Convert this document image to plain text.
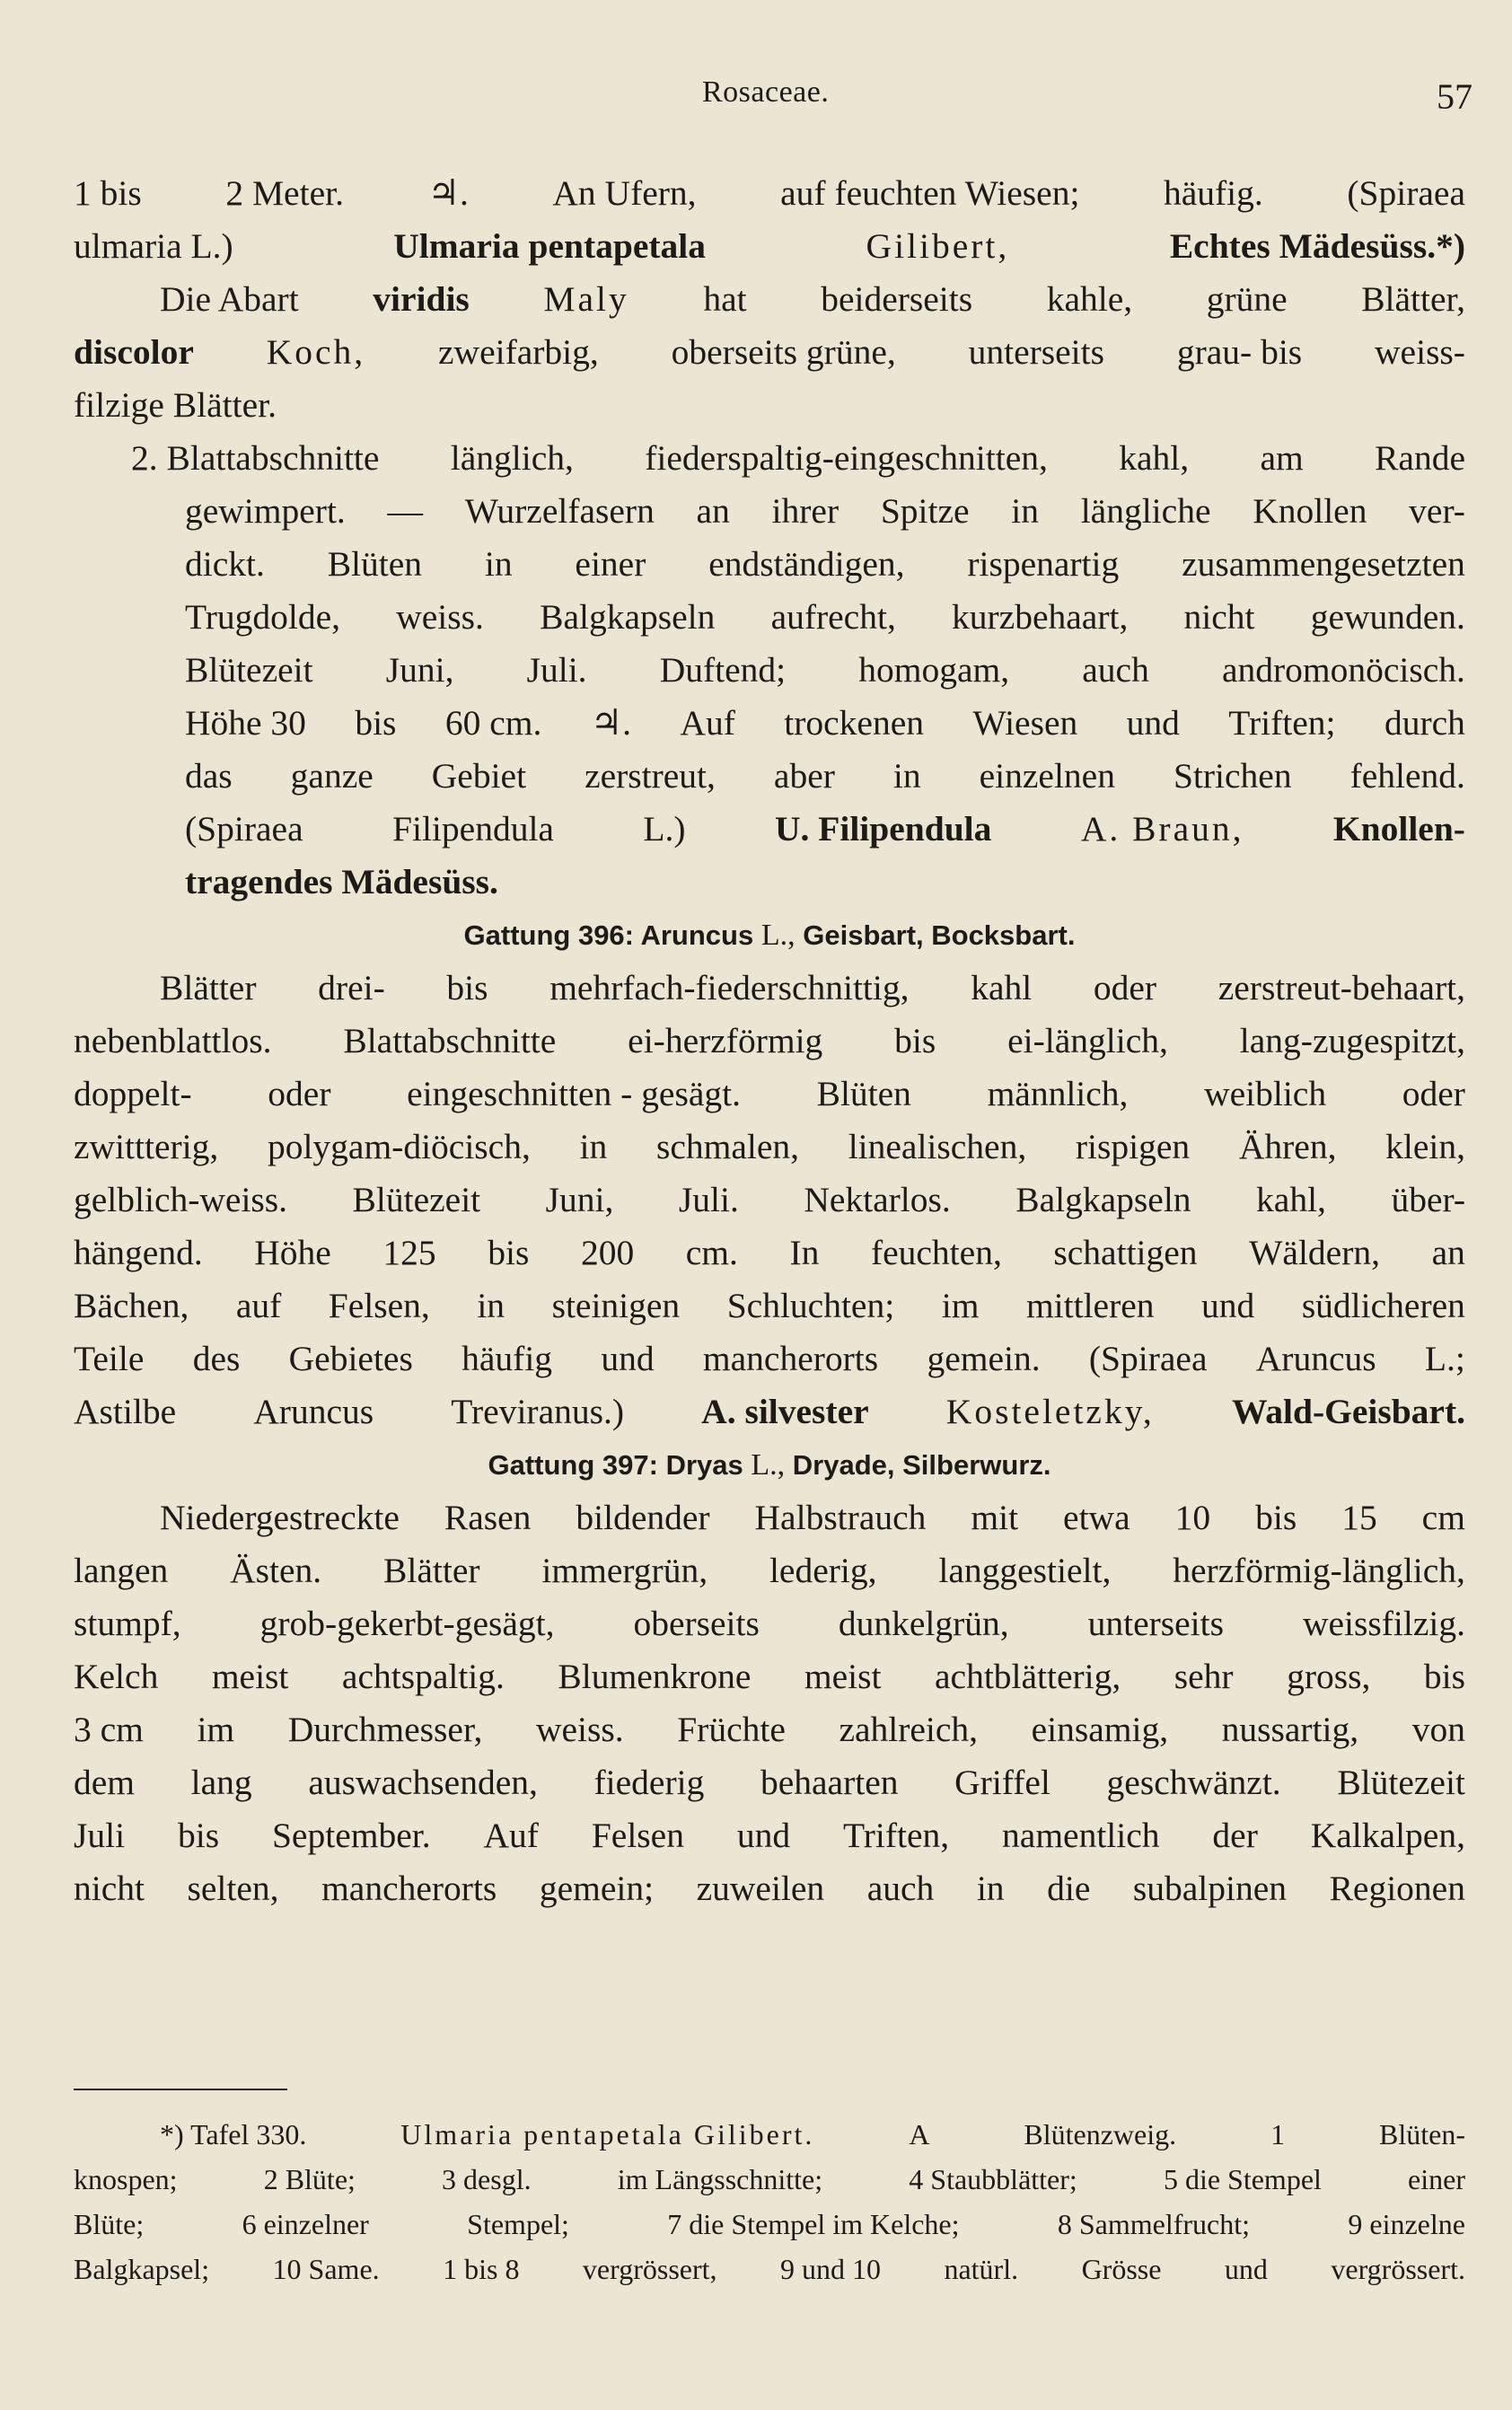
Rosaceae.	57
1 bis 2 Meter. ♃. An Ufern, auf feuchten Wiesen; häufig. (Spiraea
ulmaria L.)	Ulmaria pentapetala	Gilibert,	Echtes Mädesüss.*)
Die Abart viridis Maly hat beiderseits kahle, grüne Blätter,
discolor Koch, zweifarbig, oberseits grüne, unterseits grau- bis weiss-
filzige Blätter.
2. Blattabschnitte länglich, fiederspaltig-eingeschnitten, kahl, am Rande
gewimpert. — Wurzelfasern an ihrer Spitze in längliche Knollen ver-
dickt. Blüten in einer endständigen, rispenartig zusammengesetzten
Trugdolde, weiss. Balgkapseln aufrecht, kurzbehaart, nicht gewunden.
Blütezeit Juni, Juli. Duftend; homogam, auch andromonöcisch.
Höhe 30 bis 60 cm. ♃. Auf trockenen Wiesen und Triften; durch
das ganze Gebiet zerstreut, aber in einzelnen Strichen fehlend.
(Spiraea	Filipendula	L.)	U. Filipendula	A. Braun,	Knollen-
tragendes Mädesüss.
Gattung 396: Aruncus L., Geisbart, Bocksbart.
Blätter drei- bis mehrfach-fiederschnittig, kahl oder zerstreut-behaart,
nebenblattlos. Blattabschnitte ei-herzförmig bis ei-länglich, lang-zugespitzt,
doppelt- oder eingeschnitten - gesägt. Blüten männlich, weiblich oder
zwittterig, polygam-diöcisch, in schmalen, linealischen, rispigen Ähren, klein,
gelblich-weiss. Blütezeit Juni, Juli. Nektarlos. Balgkapseln kahl, über-
hängend. Höhe 125 bis 200 cm. In feuchten, schattigen Wäldern, an
Bächen, auf Felsen, in steinigen Schluchten; im mittleren und südlicheren
Teile des Gebietes häufig und mancherorts gemein. (Spiraea Aruncus L.;
Astilbe Aruncus Treviranus.) A. silvester Kosteletzky, Wald-Geisbart.
Gattung 397: Dryas L., Dryade, Silberwurz.
Niedergestreckte Rasen bildender Halbstrauch mit etwa 10 bis 15 cm
langen Ästen. Blätter immergrün, lederig, langgestielt, herzförmig-länglich,
stumpf, grob-gekerbt-gesägt, oberseits dunkelgrün, unterseits weissfilzig.
Kelch meist achtspaltig. Blumenkrone meist achtblätterig, sehr gross, bis
3 cm im Durchmesser, weiss. Früchte zahlreich, einsamig, nussartig, von
dem lang auswachsenden, fiederig behaarten Griffel geschwänzt. Blütezeit
Juli bis September. Auf Felsen und Triften, namentlich der Kalkalpen,
nicht selten, mancherorts gemein; zuweilen auch in die subalpinen Regionen
*) Tafel 330.	Ulmaria pentapetala Gilibert.	A	Blütenzweig.	1	Blüten-
knospen;	2 Blüte;	3 desgl.	im Längsschnitte;	4 Staubblätter;	5 die Stempel	einer
Blüte;	6 einzelner	Stempel;	7 die Stempel im Kelche;	8 Sammelfrucht;	9 einzelne
Balgkapsel; 10 Same. 1 bis 8 vergrössert, 9 und 10 natürl. Grösse und vergrössert.
